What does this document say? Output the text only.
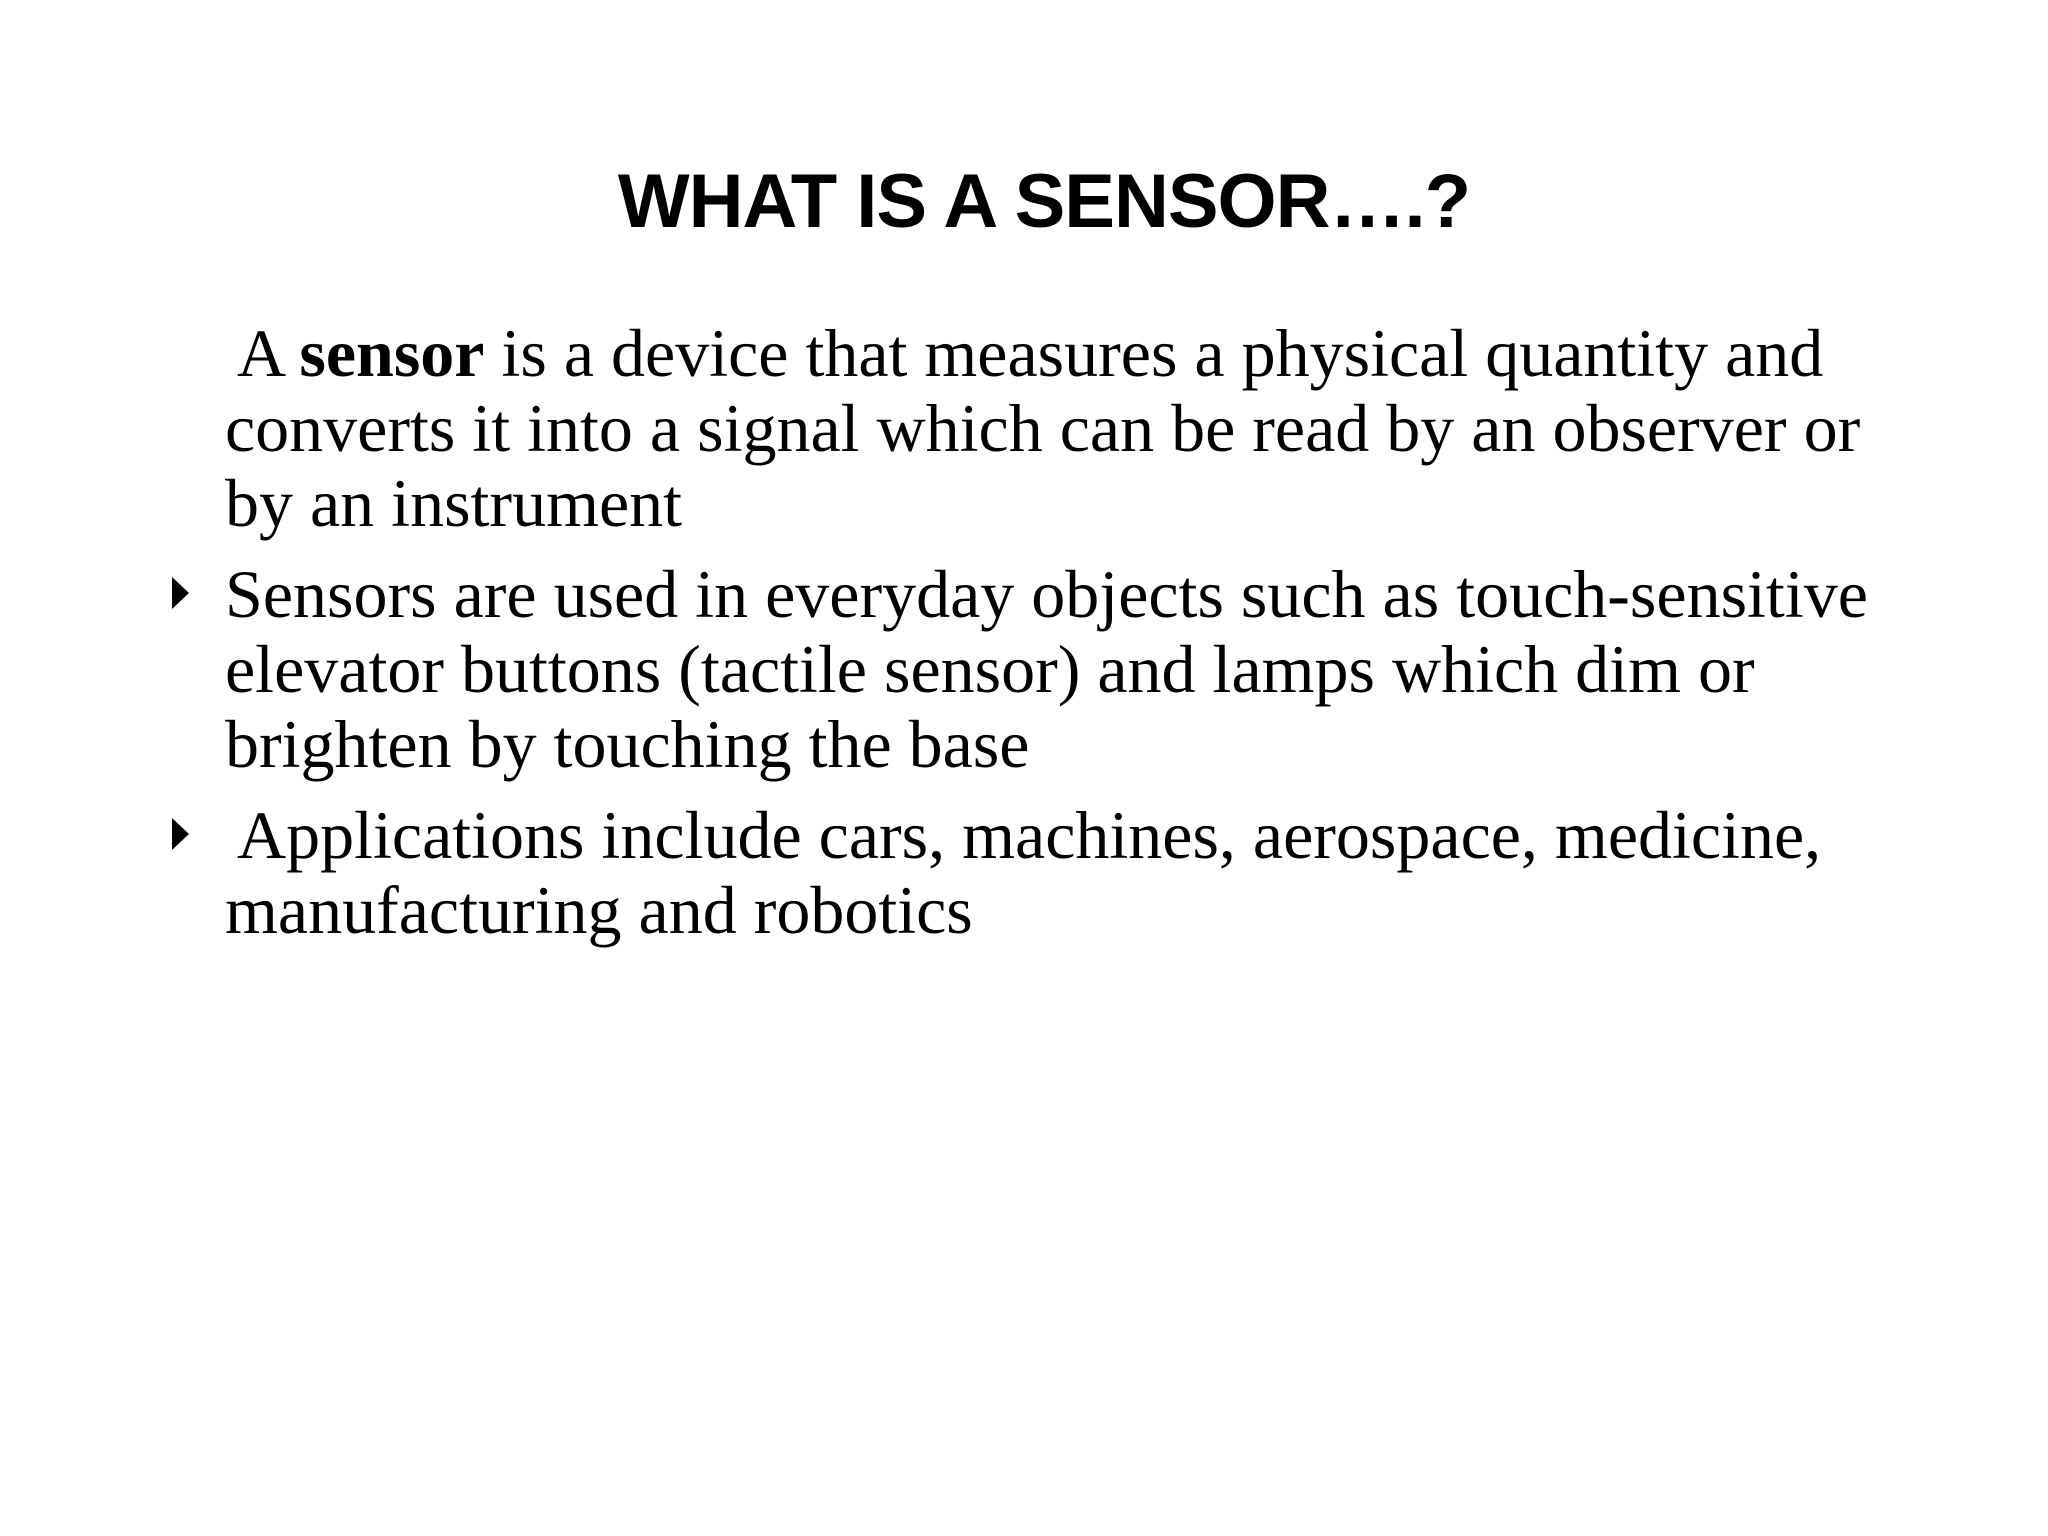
WHAT IS A SENSOR….?
A sensor is a device that measures a physical quantity and converts it into a signal which can be read by an observer or by an instrument
Sensors are used in everyday objects such as touch-sensitive elevator buttons (tactile sensor) and lamps which dim or brighten by touching the base
Applications include cars, machines, aerospace, medicine, manufacturing and robotics
